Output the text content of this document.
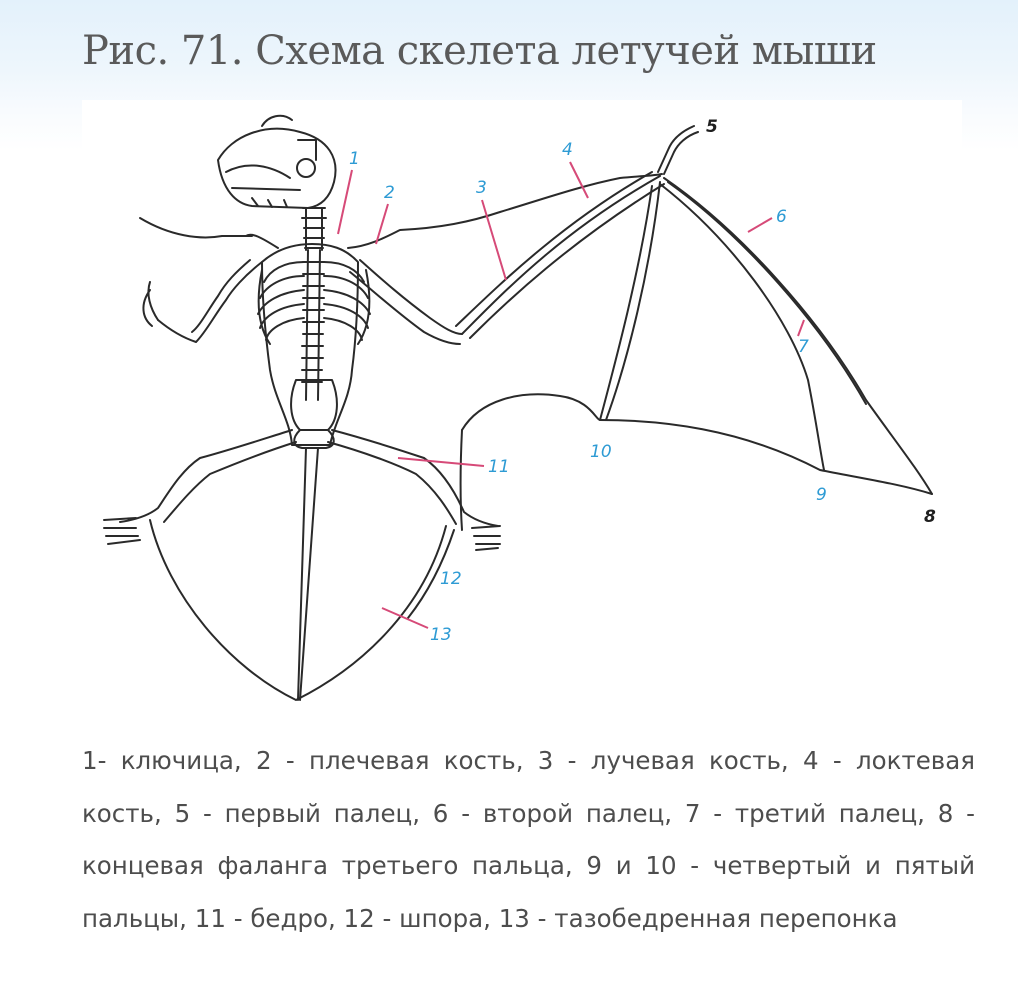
Рис. 71. Схема скелета летучей мыши
1
2	3
4
5
6
7
8
9
10
11
12
13

1- ключица, 2 - плечевая кость, 3 - лучевая кость, 4 - локтевая кость, 5 - первый палец, 6 - второй палец, 7 - третий палец, 8 - концевая фаланга третьего пальца, 9 и 10 - четвертый и пятый пальцы, 11 - бедро, 12 - шпора, 13 - тазобедренная перепонка
